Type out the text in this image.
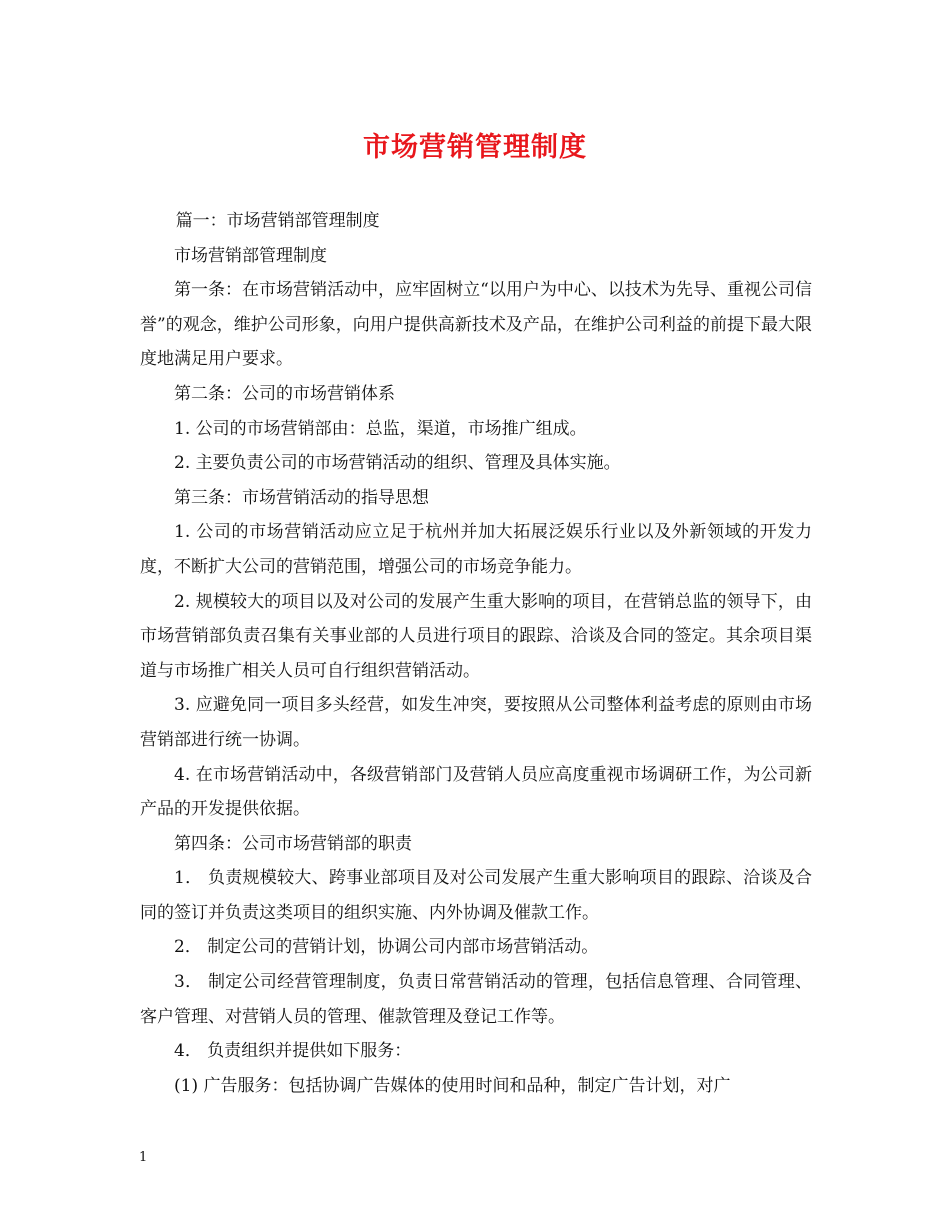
市场营销管理制度

篇一：市场营销部管理制度

市场营销部管理制度

第一条：在市场营销活动中，应牢固树立“以用户为中心、以技术为先导、重视公司信誉”的观念，维护公司形象，向用户提供高新技术及产品，在维护公司利益的前提下最大限度地满足用户要求。

第二条：公司的市场营销体系

1. 公司的市场营销部由：总监，渠道，市场推广组成。

2. 主要负责公司的市场营销活动的组织、管理及具体实施。

第三条：市场营销活动的指导思想

1. 公司的市场营销活动应立足于杭州并加大拓展泛娱乐行业以及外新领域的开发力度，不断扩大公司的营销范围，增强公司的市场竞争能力。

2. 规模较大的项目以及对公司的发展产生重大影响的项目，在营销总监的领导下，由市场营销部负责召集有关事业部的人员进行项目的跟踪、洽谈及合同的签定。其余项目渠道与市场推广相关人员可自行组织营销活动。

3. 应避免同一项目多头经营，如发生冲突，要按照从公司整体利益考虑的原则由市场营销部进行统一协调。

4. 在市场营销活动中，各级营销部门及营销人员应高度重视市场调研工作，为公司新产品的开发提供依据。

第四条：公司市场营销部的职责

1． 负责规模较大、跨事业部项目及对公司发展产生重大影响项目的跟踪、洽谈及合同的签订并负责这类项目的组织实施、内外协调及催款工作。

2． 制定公司的营销计划，协调公司内部市场营销活动。

3． 制定公司经营管理制度，负责日常营销活动的管理，包括信息管理、合同管理、客户管理、对营销人员的管理、催款管理及登记工作等。

4． 负责组织并提供如下服务：

(1) 广告服务：包括协调广告媒体的使用时间和品种，制定广告计划，对广

1
